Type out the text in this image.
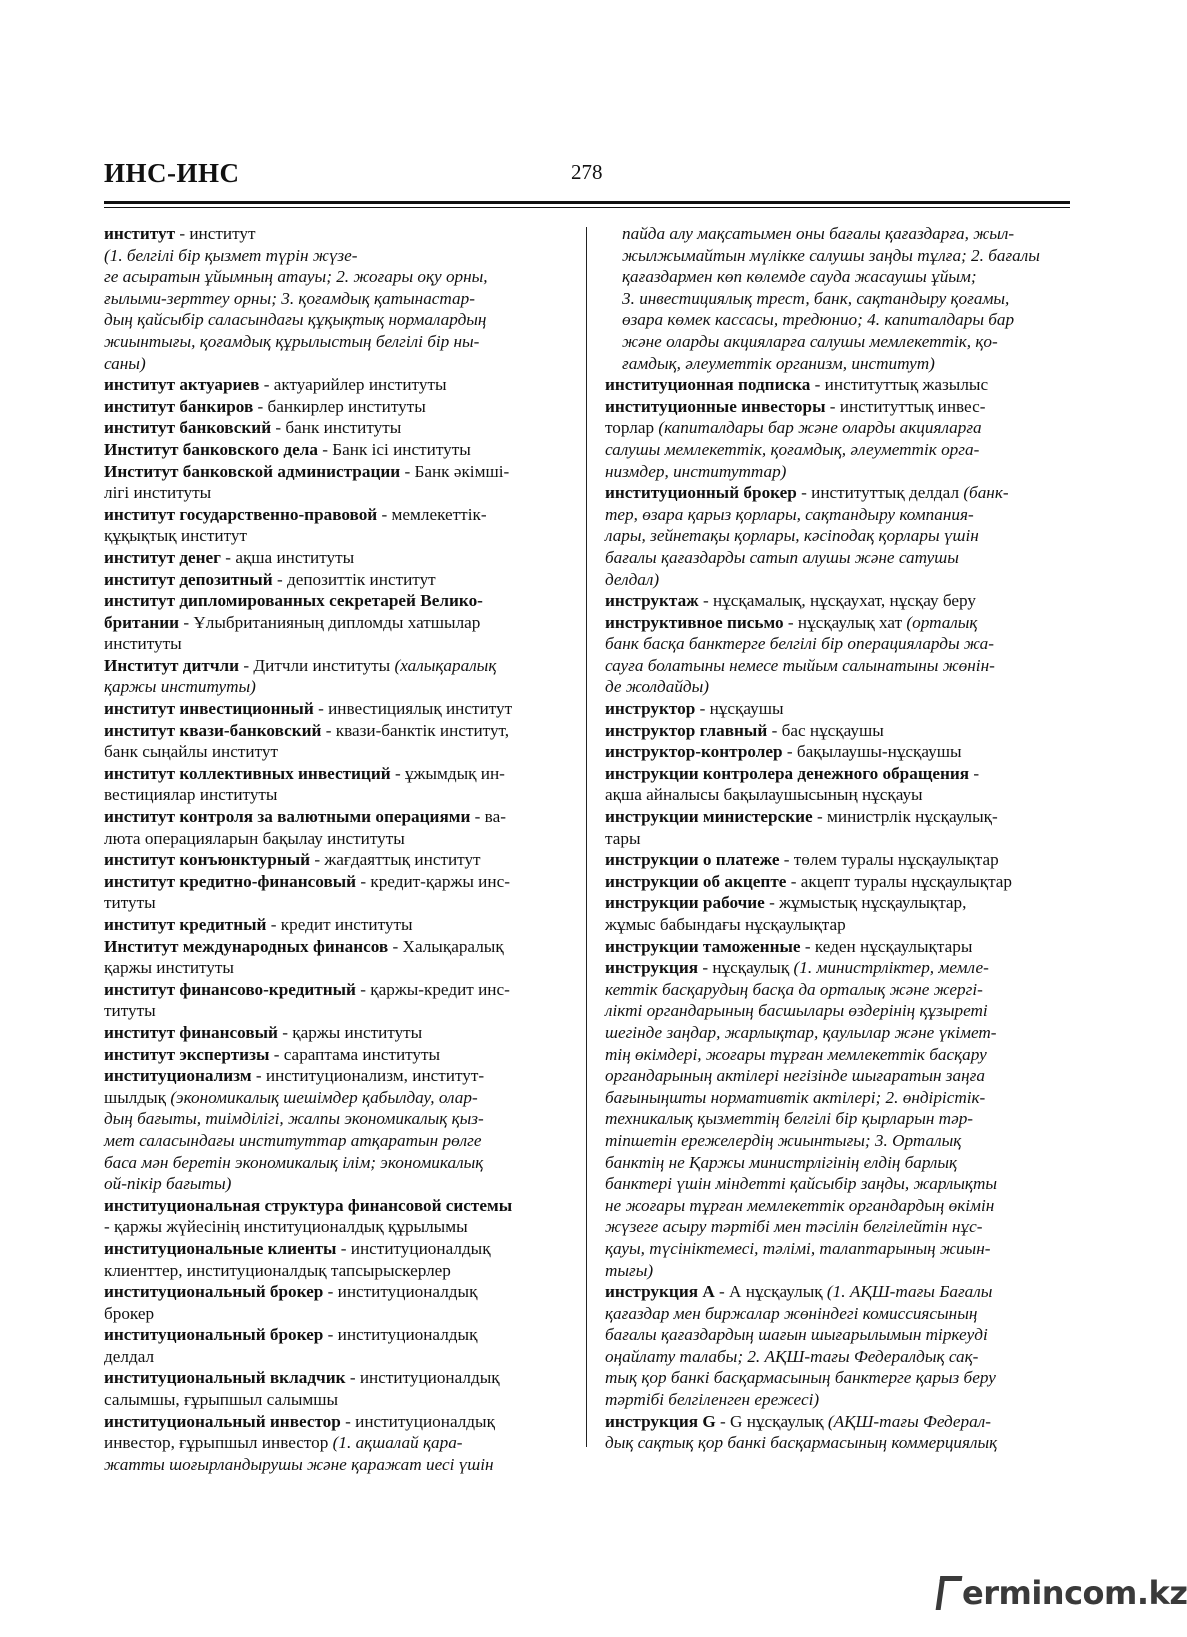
ИНС-ИНС	278
институт - институт
(1. белгілі бір қызмет түрін жүзе-
ге асыратын ұйымның атауы; 2. жоғары оқу орны,
ғылыми-зерттеу орны; 3. қоғамдық қатынастар-
дың қайсыбір саласындағы құқықтық нормалардың
жиынтығы, қоғамдық құрылыстың белгілі бір ны-
саны)
институт актуариев - актуарийлер институты
институт банкиров - банкирлер институты
институт банковский - банк институты
Институт банковского дела - Банк ісі институты
Институт банковской администрации - Банк әкімші-
лігі институты
институт государственно-правовой - мемлекеттік-
құқықтық институт
институт денег - ақша институты
институт депозитный - депозиттік институт
институт дипломированных секретарей Велико-
британии - Ұлыбританияның дипломды хатшылар
институты
Институт дитчли - Дитчли институты (халықаралық
қаржы институты)
институт инвестиционный - инвестициялық институт
институт квази-банковский - квази-банктік институт,
банк сыңайлы институт
институт коллективных инвестиций - ұжымдық ин-
вестициялар институты
институт контроля за валютными операциями - ва-
люта операцияларын бақылау институты
институт конъюнктурный - жағдаяттық институт
институт кредитно-финансовый - кредит-қаржы инс-
титуты
институт кредитный - кредит институты
Институт международных финансов - Халықаралық
қаржы институты
институт финансово-кредитный - қаржы-кредит инс-
титуты
институт финансовый - қаржы институты
институт экспертизы - сараптама институты
институционализм - институционализм, институт-
шылдық (экономикалық шешімдер қабылдау, олар-
дың бағыты, тиімділігі, жалпы экономикалық қыз-
мет саласындағы институттар атқаратын рөлге
баса мән беретін экономикалық ілім; экономикалық
ой-пікір бағыты)
институциональная структура финансовой системы
- қаржы жүйесінің институционалдық құрылымы
институциональные клиенты - институционалдық
клиенттер, институционалдық тапсырыскерлер
институциональный брокер - институционалдық
брокер
институциональный брокер - институционалдық
делдал
институциональный вкладчик - институционалдық
салымшы, ғұрыпшыл салымшы
институциональный инвестор - институционалдық
инвестор, ғұрыпшыл инвестор (1. ақшалай қара-
жатты шоғырландырушы және қаражат иесі үшін
пайда алу мақсатымен оны бағалы қағаздарға, жыл-
жылжымайтын мүлікке салушы заңды тұлға; 2. бағалы
қағаздармен көп көлемде сауда жасаушы ұйым;
3. инвестициялық трест, банк, сақтандыру қоғамы,
өзара көмек кассасы, тредюнио; 4. капиталдары бар
және оларды акцияларға салушы мемлекеттік, қо-
ғамдық, әлеуметтік организм, институт)
институционная подписка - институттық жазылыс
институционные инвесторы - институттық инвес-
торлар (капиталдары бар және оларды акцияларға
салушы мемлекеттік, қоғамдық, әлеуметтік орга-
низмдер, институттар)
институционный брокер - институттық делдал (банк-
тер, өзара қарыз қорлары, сақтандыру компания-
лары, зейнетақы қорлары, кәсіподақ қорлары үшін
бағалы қағаздарды сатып алушы және сатушы
делдал)
инструктаж - нұсқамалық, нұсқаухат, нұсқау беру
инструктивное письмо - нұсқаулық хат (орталық
банк басқа банктерге белгілі бір операцияларды жа-
сауға болатыны немесе тыйым салынатыны жөнін-
де жолдайды)
инструктор - нұсқаушы
инструктор главный - бас нұсқаушы
инструктор-контролер - бақылаушы-нұсқаушы
инструкции контролера денежного обращения -
ақша айналысы бақылаушысының нұсқауы
инструкции министерские - министрлік нұсқаулық-
тары
инструкции о платеже - төлем туралы нұсқаулықтар
инструкции об акцепте - акцепт туралы нұсқаулықтар
инструкции рабочие - жұмыстық нұсқаулықтар,
жұмыс бабындағы нұсқаулықтар
инструкции таможенные - кеден нұсқаулықтары
инструкция - нұсқаулық (1. министрліктер, мемле-
кеттік басқарудың басқа да орталық және жергі-
лікті органдарының басшылары өздерінің құзыреті
шегінде заңдар, жарлықтар, қаулылар және үкімет-
тің өкімдері, жоғары тұрған мемлекеттік басқару
органдарының актілері негізінде шығаратын заңға
бағыныңшты нормативтік актілері; 2. өндірістік-
техникалық қызметтің белгілі бір қырларын тәр-
тіпшетін ережелердің жиынтығы; 3. Орталық
банктің не Қаржы министрлігінің елдің барлық
банктері үшін міндетті қайсыбір заңды, жарлықты
не жоғары тұрған мемлекеттік органдардың өкімін
жүзеге асыру тәртібі мен тәсілін белгілейтін нұс-
қауы, түсініктемесі, тәлімі, талаптарының жиын-
тығы)
инструкция А - А нұсқаулық (1. АҚШ-тағы Бағалы
қағаздар мен биржалар жөніндегі комиссиясының
бағалы қағаздардың шағын шығарылымын тіркеуді
оңайлату талабы; 2. АҚШ-тағы Федералдық сақ-
тық қор банкі басқармасының банктерге қарыз беру
тәртібі белгіленген ережесі)
инструкция G - G нұсқаулық (АҚШ-тағы Федерал-
дық сақтық қор банкі басқармасының коммерциялық
ermincom.kz
